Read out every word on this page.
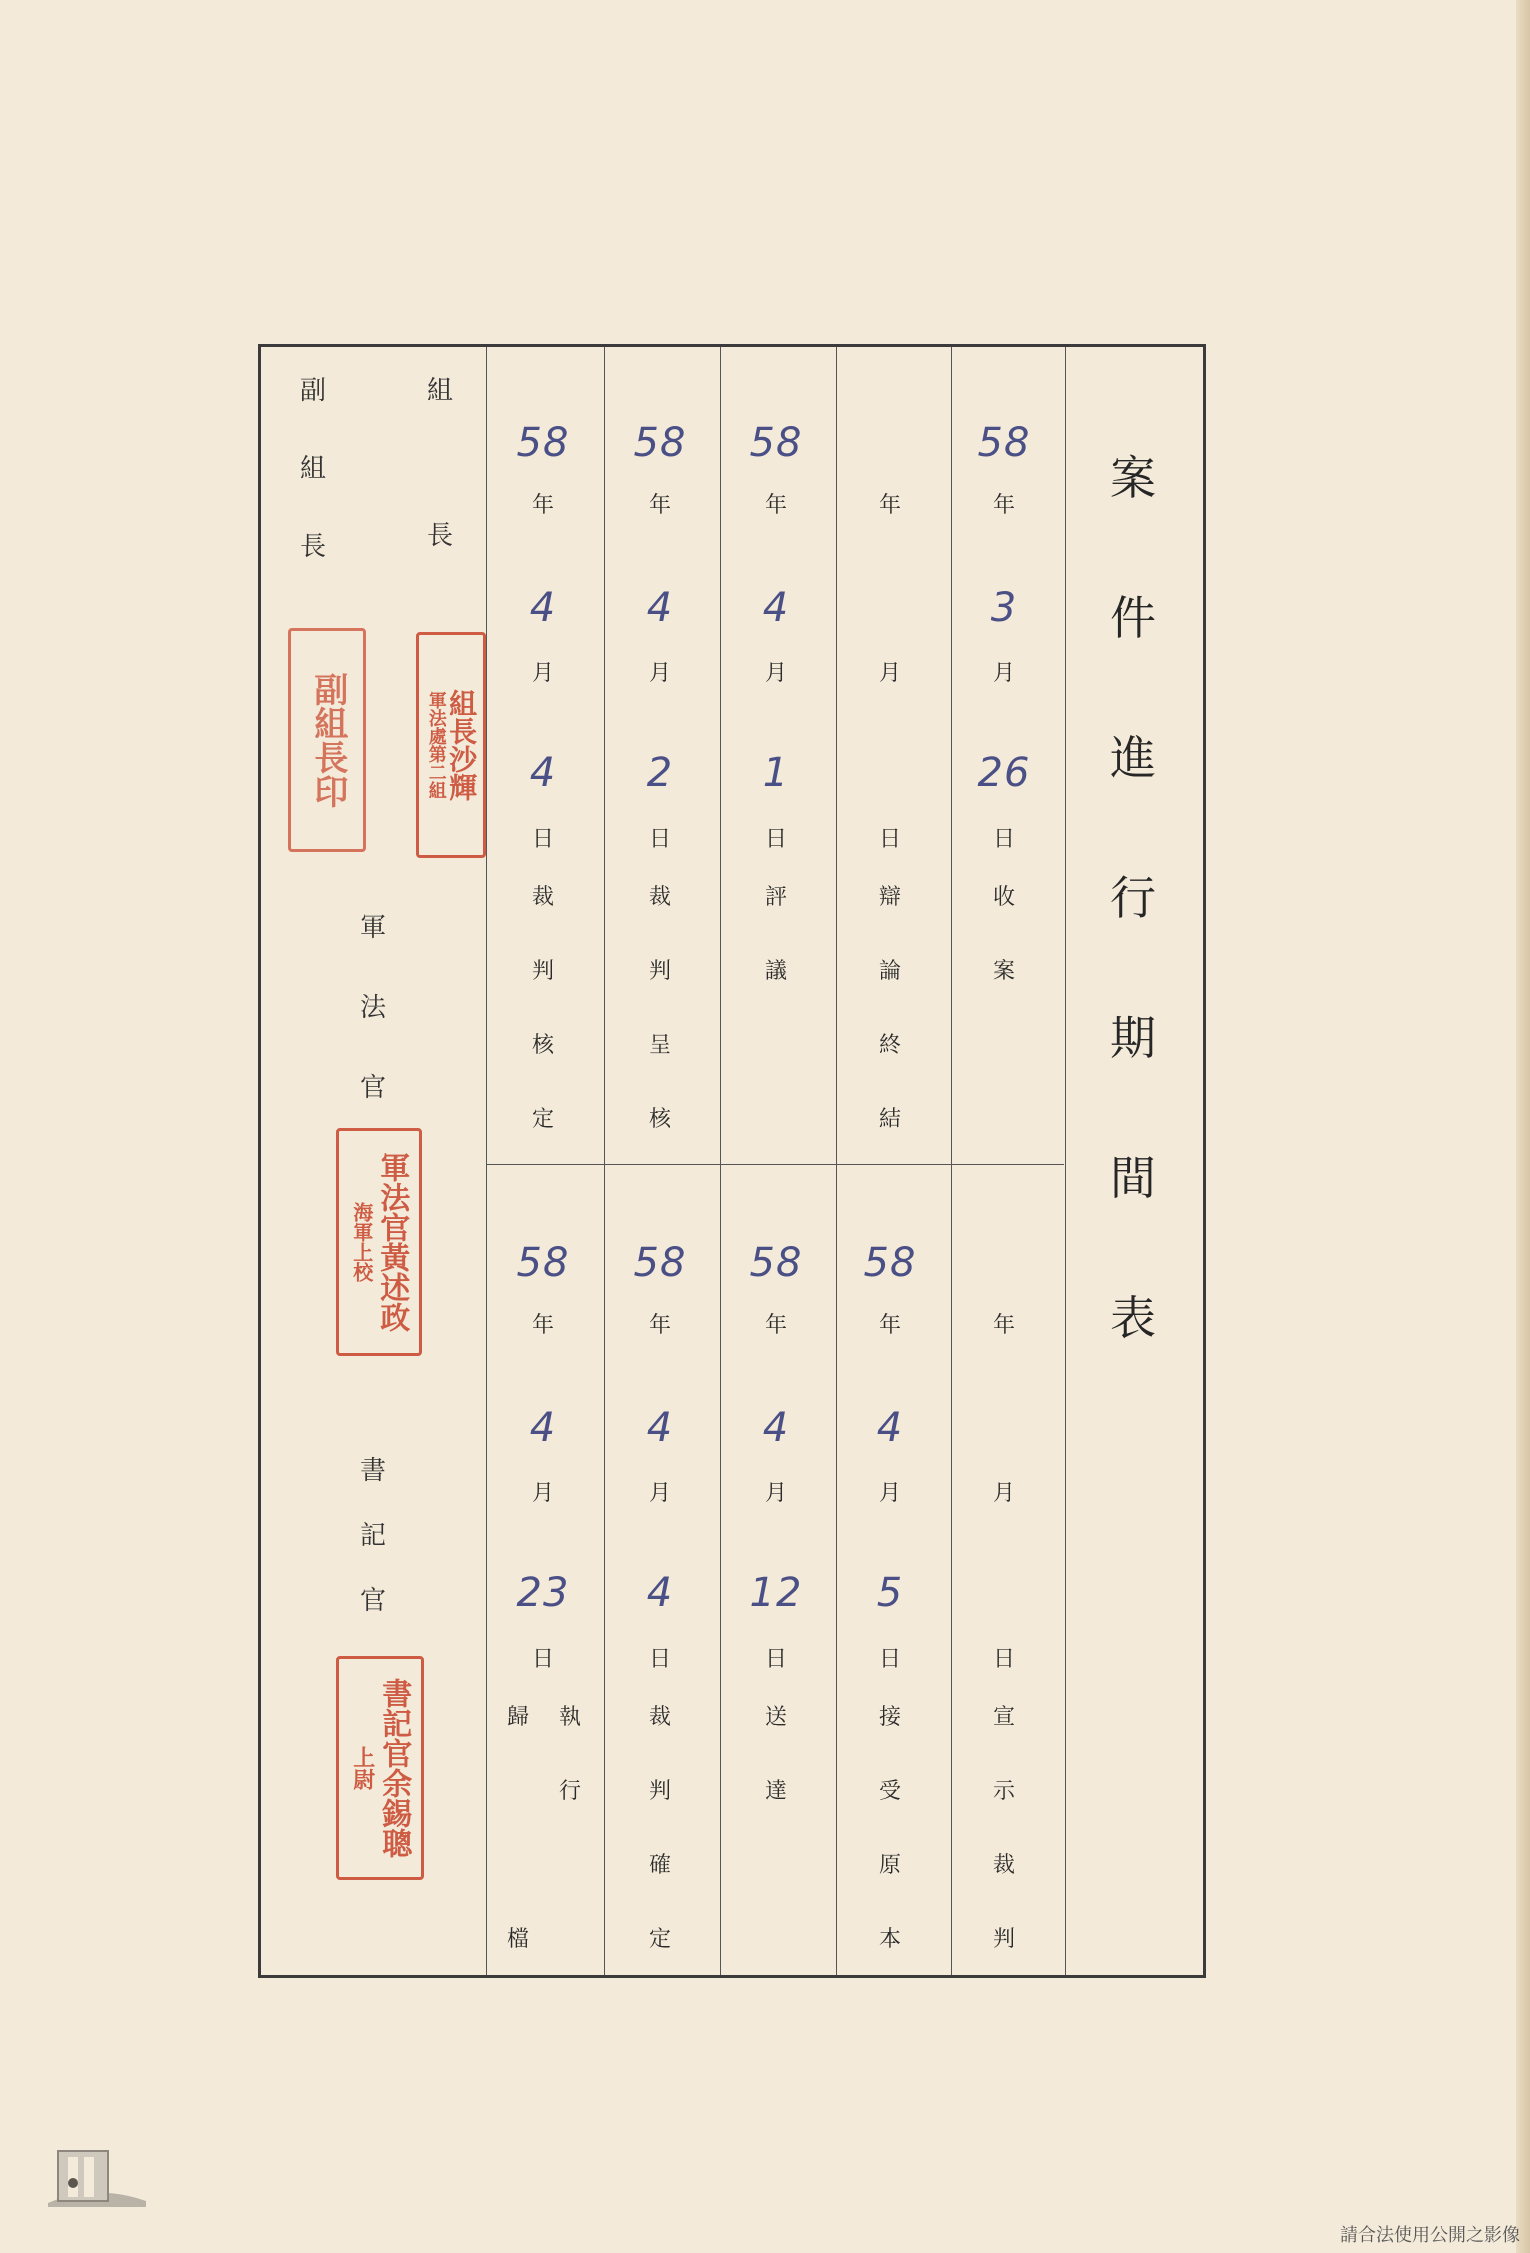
案
件
進
行
期
間
表
副
組
長
組
長
軍
法
官
書
記
官
軍法處第二組
組長沙輝
副組長印
海軍上校 軍法官黃述政
上尉 書記官余錫聰
58
3
26
年
月
日
收
案
年
月
日
辯
論
終
結
58
4
1
年
月
日
評
議
58
4
2
年
月
日
裁
判
呈
核
58
4
4
年
月
日
裁
判
核
定
年
月
日
宣
示
裁
判
58
4
5
年
月
日
接
受
原
本
58
4
12
年
月
日
送
達
58
4
4
年
月
日
裁
判
確
定
58
4
23
年
月
日
執
行
歸
檔
請合法使用公開之影像
